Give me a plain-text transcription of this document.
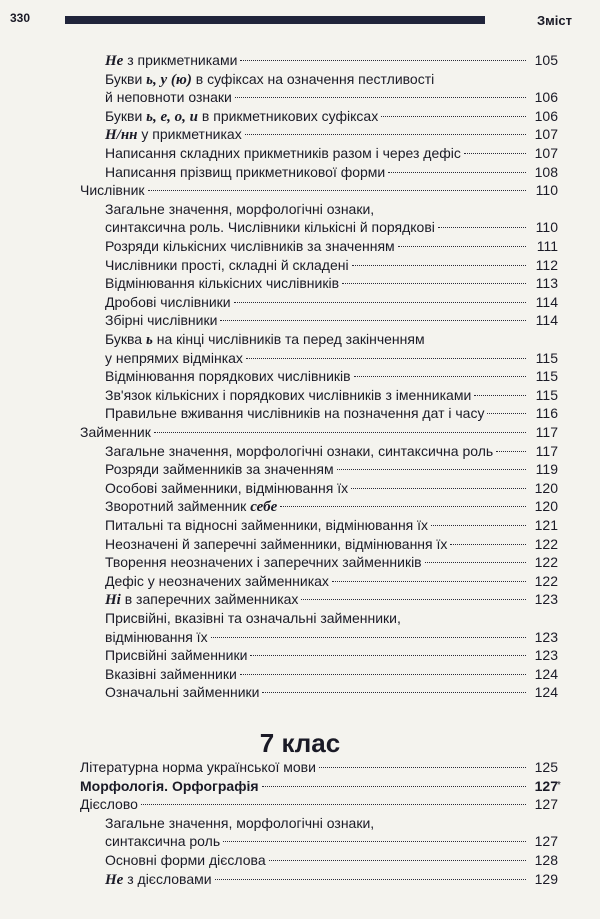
330	Зміст
Не з прикметниками	105
Букви ь, у (ю) в суфіксах на означення пестливості
й неповноти ознаки	106
Букви ь, е, о, и в прикметникових суфіксах	106
Н/нн у прикметниках	107
Написання складних прикметників разом і через дефіс	107
Написання прізвищ прикметникової форми	108
Числівник	110
Загальне значення, морфологічні ознаки,
синтаксична роль. Числівники кількісні й порядкові	110
Розряди кількісних числівників за значенням	111
Числівники прості, складні й складені	112
Відмінювання кількісних числівників	113
Дробові числівники	114
Збірні числівники	114
Буква ь на кінці числівників та перед закінченням
у непрямих відмінках	115
Відмінювання порядкових числівників	115
Зв'язок кількісних і порядкових числівників з іменниками	115
Правильне вживання числівників на позначення дат і часу	116
Займенник	117
Загальне значення, морфологічні ознаки, синтаксична роль	117
Розряди займенників за значенням	119
Особові займенники, відмінювання їх	120
Зворотний займенник себе	120
Питальні та відносні займенники, відмінювання їх	121
Неозначені й заперечні займенники, відмінювання їх	122
Творення неозначених і заперечних займенників	122
Дефіс у неозначених займенниках	122
Ні в заперечних займенниках	123
Присвійні, вказівні та означальні займенники,
відмінювання їх	123
Присвійні займенники	123
Вказівні займенники	124
Означальні займенники	124
Літературна норма української мови	125
Морфологія. Орфографія	127
Дієслово	127
Загальне значення, морфологічні ознаки,
синтаксична роль	127
Основні форми дієслова	128
Не з дієсловами	129
7 клас
*
